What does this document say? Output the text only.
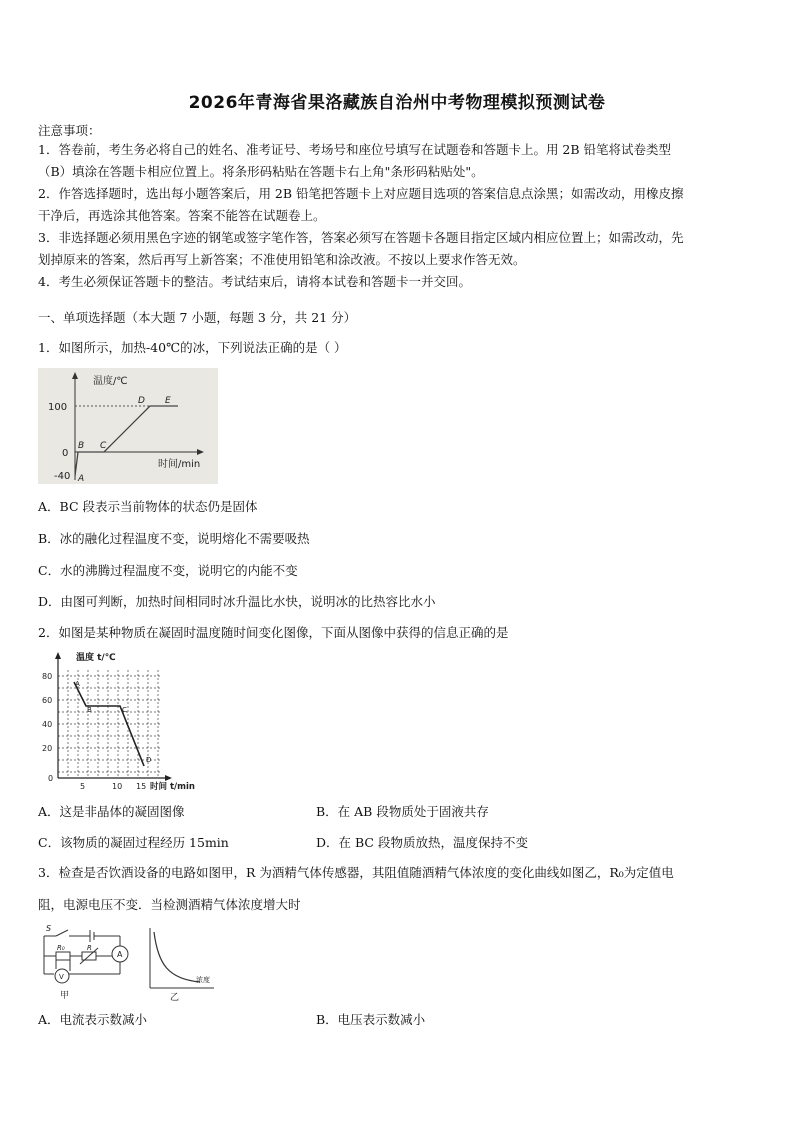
2026年青海省果洛藏族自治州中考物理模拟预测试卷
注意事项：
1．答卷前，考生务必将自己的姓名、准考证号、考场号和座位号填写在试题卷和答题卡上。用 2B 铅笔将试卷类型
（B）填涂在答题卡相应位置上。将条形码粘贴在答题卡右上角"条形码粘贴处"。
2．作答选择题时，选出每小题答案后，用 2B 铅笔把答题卡上对应题目选项的答案信息点涂黑；如需改动，用橡皮擦
干净后，再选涂其他答案。答案不能答在试题卷上。
3．非选择题必须用黑色字迹的钢笔或签字笔作答，答案必须写在答题卡各题目指定区域内相应位置上；如需改动，先
划掉原来的答案，然后再写上新答案；不准使用铅笔和涂改液。不按以上要求作答无效。
4．考生必须保证答题卡的整洁。考试结束后，请将本试卷和答题卡一并交回。
一、单项选择题（本大题 7 小题，每题 3 分，共 21 分）
1．如图所示，加热-40℃的冰，下列说法正确的是（ ）
温度/℃
时间/min
100
0
-40 A
B C
D E
A．BC 段表示当前物体的状态仍是固体
B．冰的融化过程温度不变，说明熔化不需要吸热
C．水的沸腾过程温度不变，说明它的内能不变
D．由图可判断，加热时间相同时冰升温比水快，说明冰的比热容比水小
2．如图是某种物质在凝固时温度随时间变化图像，下面从图像中获得的信息正确的是
温度 t/℃
80
60
40
20
0
5	10 15 时间 t/min
A
B	C
D
A．这是非晶体的凝固图像	B．在 AB 段物质处于固液共存
C．该物质的凝固过程经历 15min	D．在 BC 段物质放热，温度保持不变
3．检查是否饮酒设备的电路如图甲，R 为酒精气体传感器，其阻值随酒精气体浓度的变化曲线如图乙，R₀为定值电
阻，电源电压不变．当检测酒精气体浓度增大时
S
R₀	R
A
V
甲
浓度
乙
A．电流表示数减小	B．电压表示数减小
